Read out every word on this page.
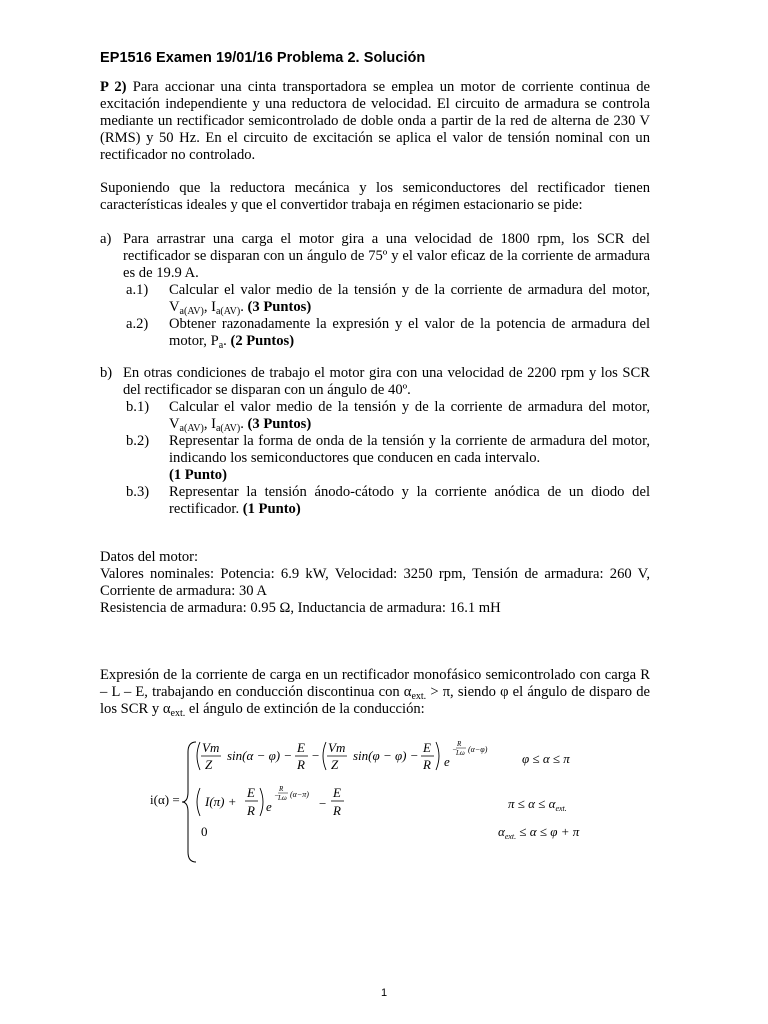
EP1516 Examen 19/01/16 Problema 2. Solución

P 2) Para accionar una cinta transportadora se emplea un motor de corriente continua de excitación independiente y una reductora de velocidad. El circuito de armadura se controla mediante un rectificador semicontrolado de doble onda a partir de la red de alterna de 230 V (RMS) y 50 Hz. En el circuito de excitación se aplica el valor de tensión nominal con un rectificador no controlado.

Suponiendo que la reductora mecánica y los semiconductores del rectificador tienen características ideales y que el convertidor trabaja en régimen estacionario se pide:

a) Para arrastrar una carga el motor gira a una velocidad de 1800 rpm, los SCR del rectificador se disparan con un ángulo de 75º y el valor eficaz de la corriente de armadura es de 19.9 A.
a.1) Calcular el valor medio de la tensión y de la corriente de armadura del motor, $V_{a(AV)}$, $I_{a(AV)}$. (3 Puntos)
a.2) Obtener razonadamente la expresión y el valor de la potencia de armadura del motor, $P_a$. (2 Puntos)
b) En otras condiciones de trabajo el motor gira con una velocidad de 2200 rpm y los SCR del rectificador se disparan con un ángulo de 40º.
b.1) Calcular el valor medio de la tensión y de la corriente de armadura del motor, $V_{a(AV)}$, $I_{a(AV)}$. (3 Puntos)
b.2) Representar la forma de onda de la tensión y la corriente de armadura del motor, indicando los semiconductores que conducen en cada intervalo.
(1 Punto)
b.3) Representar la tensión ánodo-cátodo y la corriente anódica de un diodo del rectificador. (1 Punto)

Datos del motor:

Valores nominales: Potencia: 6.9 kW, Velocidad: 3250 rpm, Tensión de armadura: 260 V, Corriente de armadura: 30 A

Resistencia de armadura: 0.95 Ω, Inductancia de armadura: 16.1 mH

Expresión de la corriente de carga en un rectificador monofásico semicontrolado con carga R – L – E, trabajando en conducción discontinua con $\alpha_{ext.} > \pi$, siendo φ el ángulo de disparo de los SCR y $\alpha_{ext.}$ el ángulo de extinción de la conducción:

i(α) =
Vm
Z
sin(α − φ) −
E
R
−
Vm
Z
sin(φ − φ) −
E
R e
−
R
Lω (α−φ)
φ ≤ α ≤ π
I(π) +
E
R e
−
R
Lω (α−π)
−
E
R	$\pi \le \alpha \le \alpha_{ext.}$
0	$\alpha_{ext.} \le \alpha \le \varphi + \pi$
1
